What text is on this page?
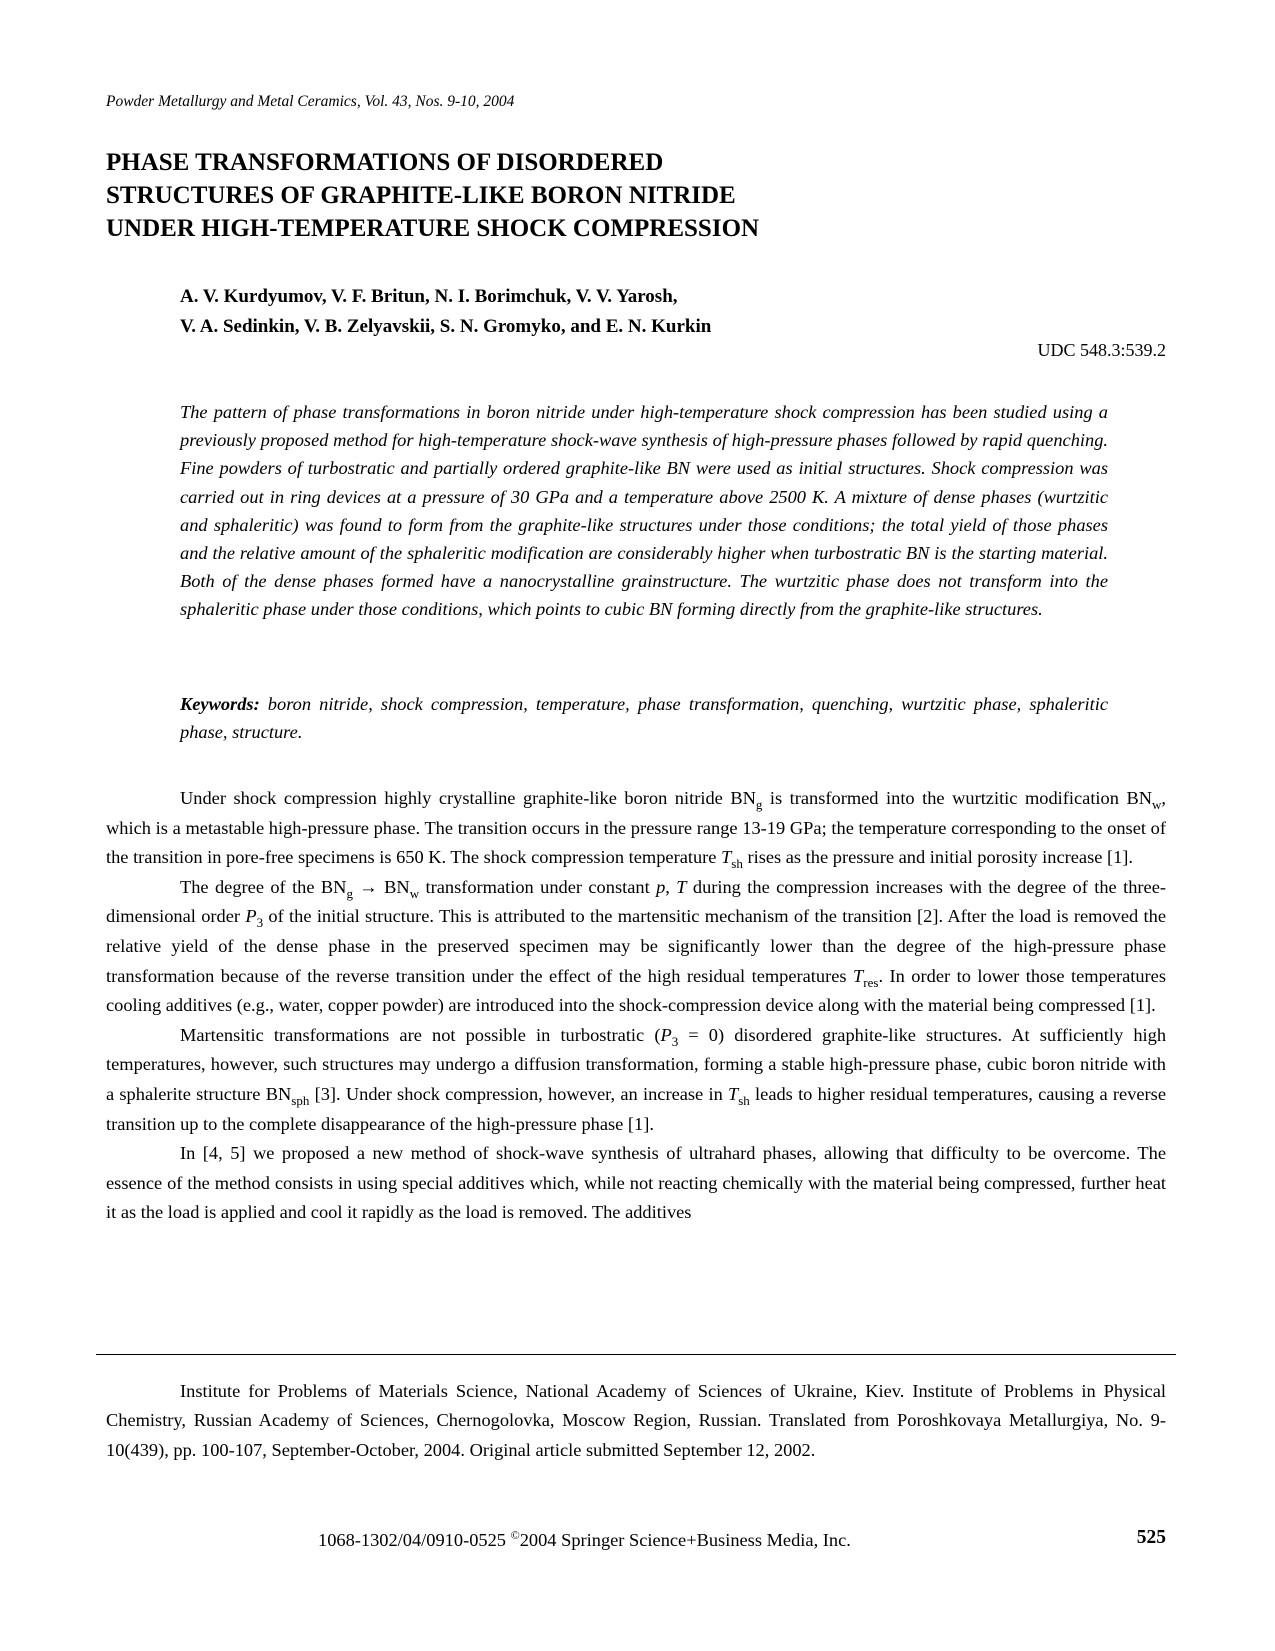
Powder Metallurgy and Metal Ceramics, Vol. 43, Nos. 9-10, 2004
PHASE TRANSFORMATIONS OF DISORDERED
STRUCTURES OF GRAPHITE-LIKE BORON NITRIDE
UNDER HIGH-TEMPERATURE SHOCK COMPRESSION
A. V. Kurdyumov, V. F. Britun, N. I. Borimchuk, V. V. Yarosh,
V. A. Sedinkin, V. B. Zelyavskii, S. N. Gromyko, and E. N. Kurkin
UDC 548.3:539.2

The pattern of phase transformations in boron nitride under high-temperature shock compression has been studied using a previously proposed method for high-temperature shock-wave synthesis of high-pressure phases followed by rapid quenching. Fine powders of turbostratic and partially ordered graphite-like BN were used as initial structures. Shock compression was carried out in ring devices at a pressure of 30 GPa and a temperature above 2500 K. A mixture of dense phases (wurtzitic and sphaleritic) was found to form from the graphite-like structures under those conditions; the total yield of those phases and the relative amount of the sphaleritic modification are considerably higher when turbostratic BN is the starting material. Both of the dense phases formed have a nanocrystalline grainstructure. The wurtzitic phase does not transform into the sphaleritic phase under those conditions, which points to cubic BN forming directly from the graphite-like structures.

Keywords: boron nitride, shock compression, temperature, phase transformation, quenching, wurtzitic phase, sphaleritic phase, structure.

Under shock compression highly crystalline graphite-like boron nitride $BN_g$ is transformed into the wurtzitic modification $BN_w$, which is a metastable high-pressure phase. The transition occurs in the pressure range 13-19 GPa; the temperature corresponding to the onset of the transition in pore-free specimens is 650 K. The shock compression temperature $T_{sh}$ rises as the pressure and initial porosity increase [1].

The degree of the $BN_g \to BN_w$ transformation under constant p, T during the compression increases with the degree of the three-dimensional order $P_3$ of the initial structure. This is attributed to the martensitic mechanism of the transition [2]. After the load is removed the relative yield of the dense phase in the preserved specimen may be significantly lower than the degree of the high-pressure phase transformation because of the reverse transition under the effect of the high residual temperatures $T_{res}$. In order to lower those temperatures cooling additives (e.g., water, copper powder) are introduced into the shock-compression device along with the material being compressed [1].

Martensitic transformations are not possible in turbostratic $(P_3 = 0)$ disordered graphite-like structures. At sufficiently high temperatures, however, such structures may undergo a diffusion transformation, forming a stable high-pressure phase, cubic boron nitride with a sphalerite structure $BN_{sph}$ [3]. Under shock compression, however, an increase in $T_{sh}$ leads to higher residual temperatures, causing a reverse transition up to the complete disappearance of the high-pressure phase [1].

In [4, 5] we proposed a new method of shock-wave synthesis of ultrahard phases, allowing that difficulty to be overcome. The essence of the method consists in using special additives which, while not reacting chemically with the material being compressed, further heat it as the load is applied and cool it rapidly as the load is removed. The additives

Institute for Problems of Materials Science, National Academy of Sciences of Ukraine, Kiev. Institute of Problems in Physical Chemistry, Russian Academy of Sciences, Chernogolovka, Moscow Region, Russian. Translated from Poroshkovaya Metallurgiya, No. 9-10(439), pp. 100-107, September-October, 2004. Original article submitted September 12, 2002.

1068-1302/04/0910-0525 ©2004 Springer Science+Business Media, Inc.	525
